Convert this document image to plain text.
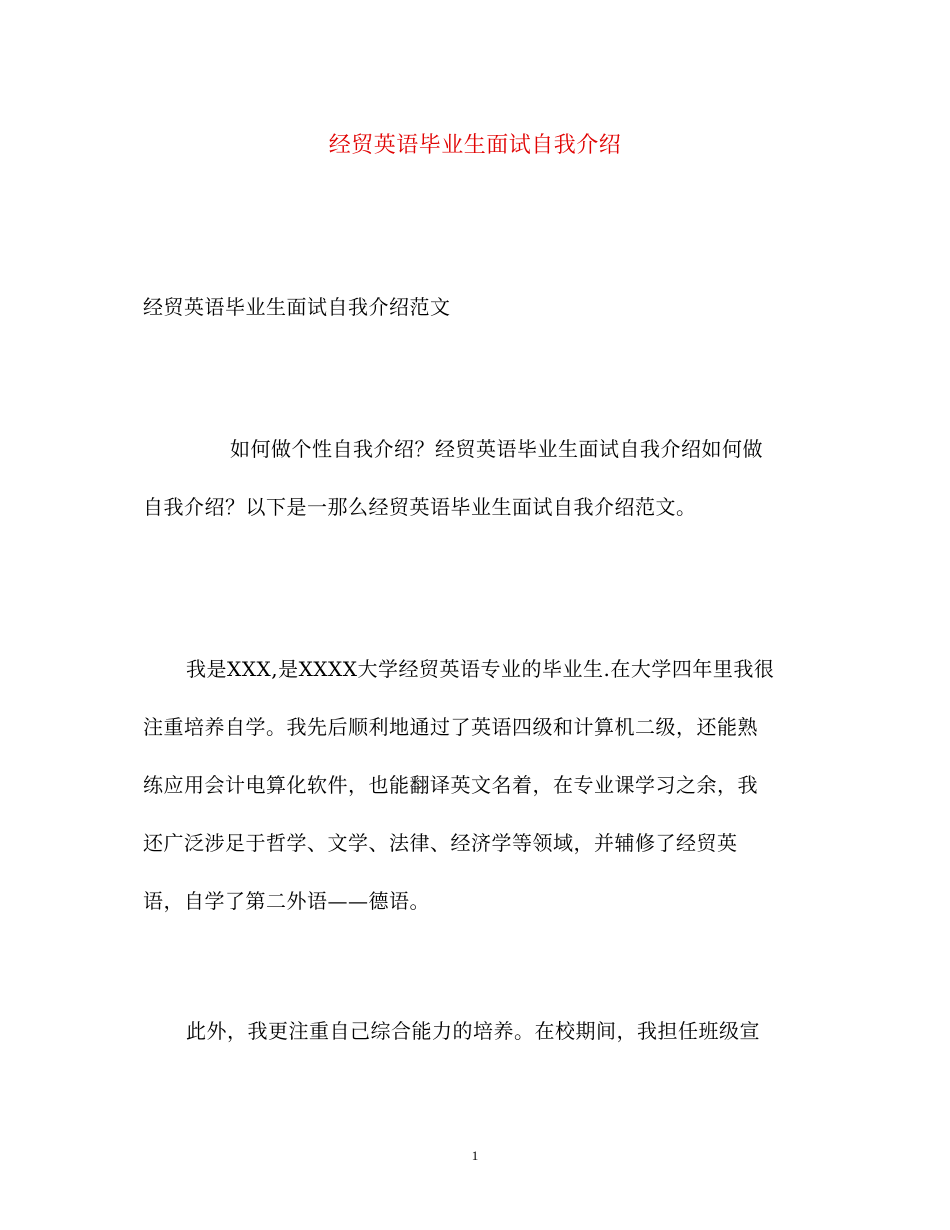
经贸英语毕业生面试自我介绍
经贸英语毕业生面试自我介绍范文
如何做个性自我介绍？经贸英语毕业生面试自我介绍如何做
自我介绍？以下是一那么经贸英语毕业生面试自我介绍范文。
我是XXX,是XXXX大学经贸英语专业的毕业生.在大学四年里我很
注重培养自学。我先后顺利地通过了英语四级和计算机二级，还能熟
练应用会计电算化软件，也能翻译英文名着，在专业课学习之余，我
还广泛涉足于哲学、文学、法律、经济学等领域，并辅修了经贸英
语，自学了第二外语——德语。
此外，我更注重自己综合能力的培养。在校期间，我担任班级宣
1
